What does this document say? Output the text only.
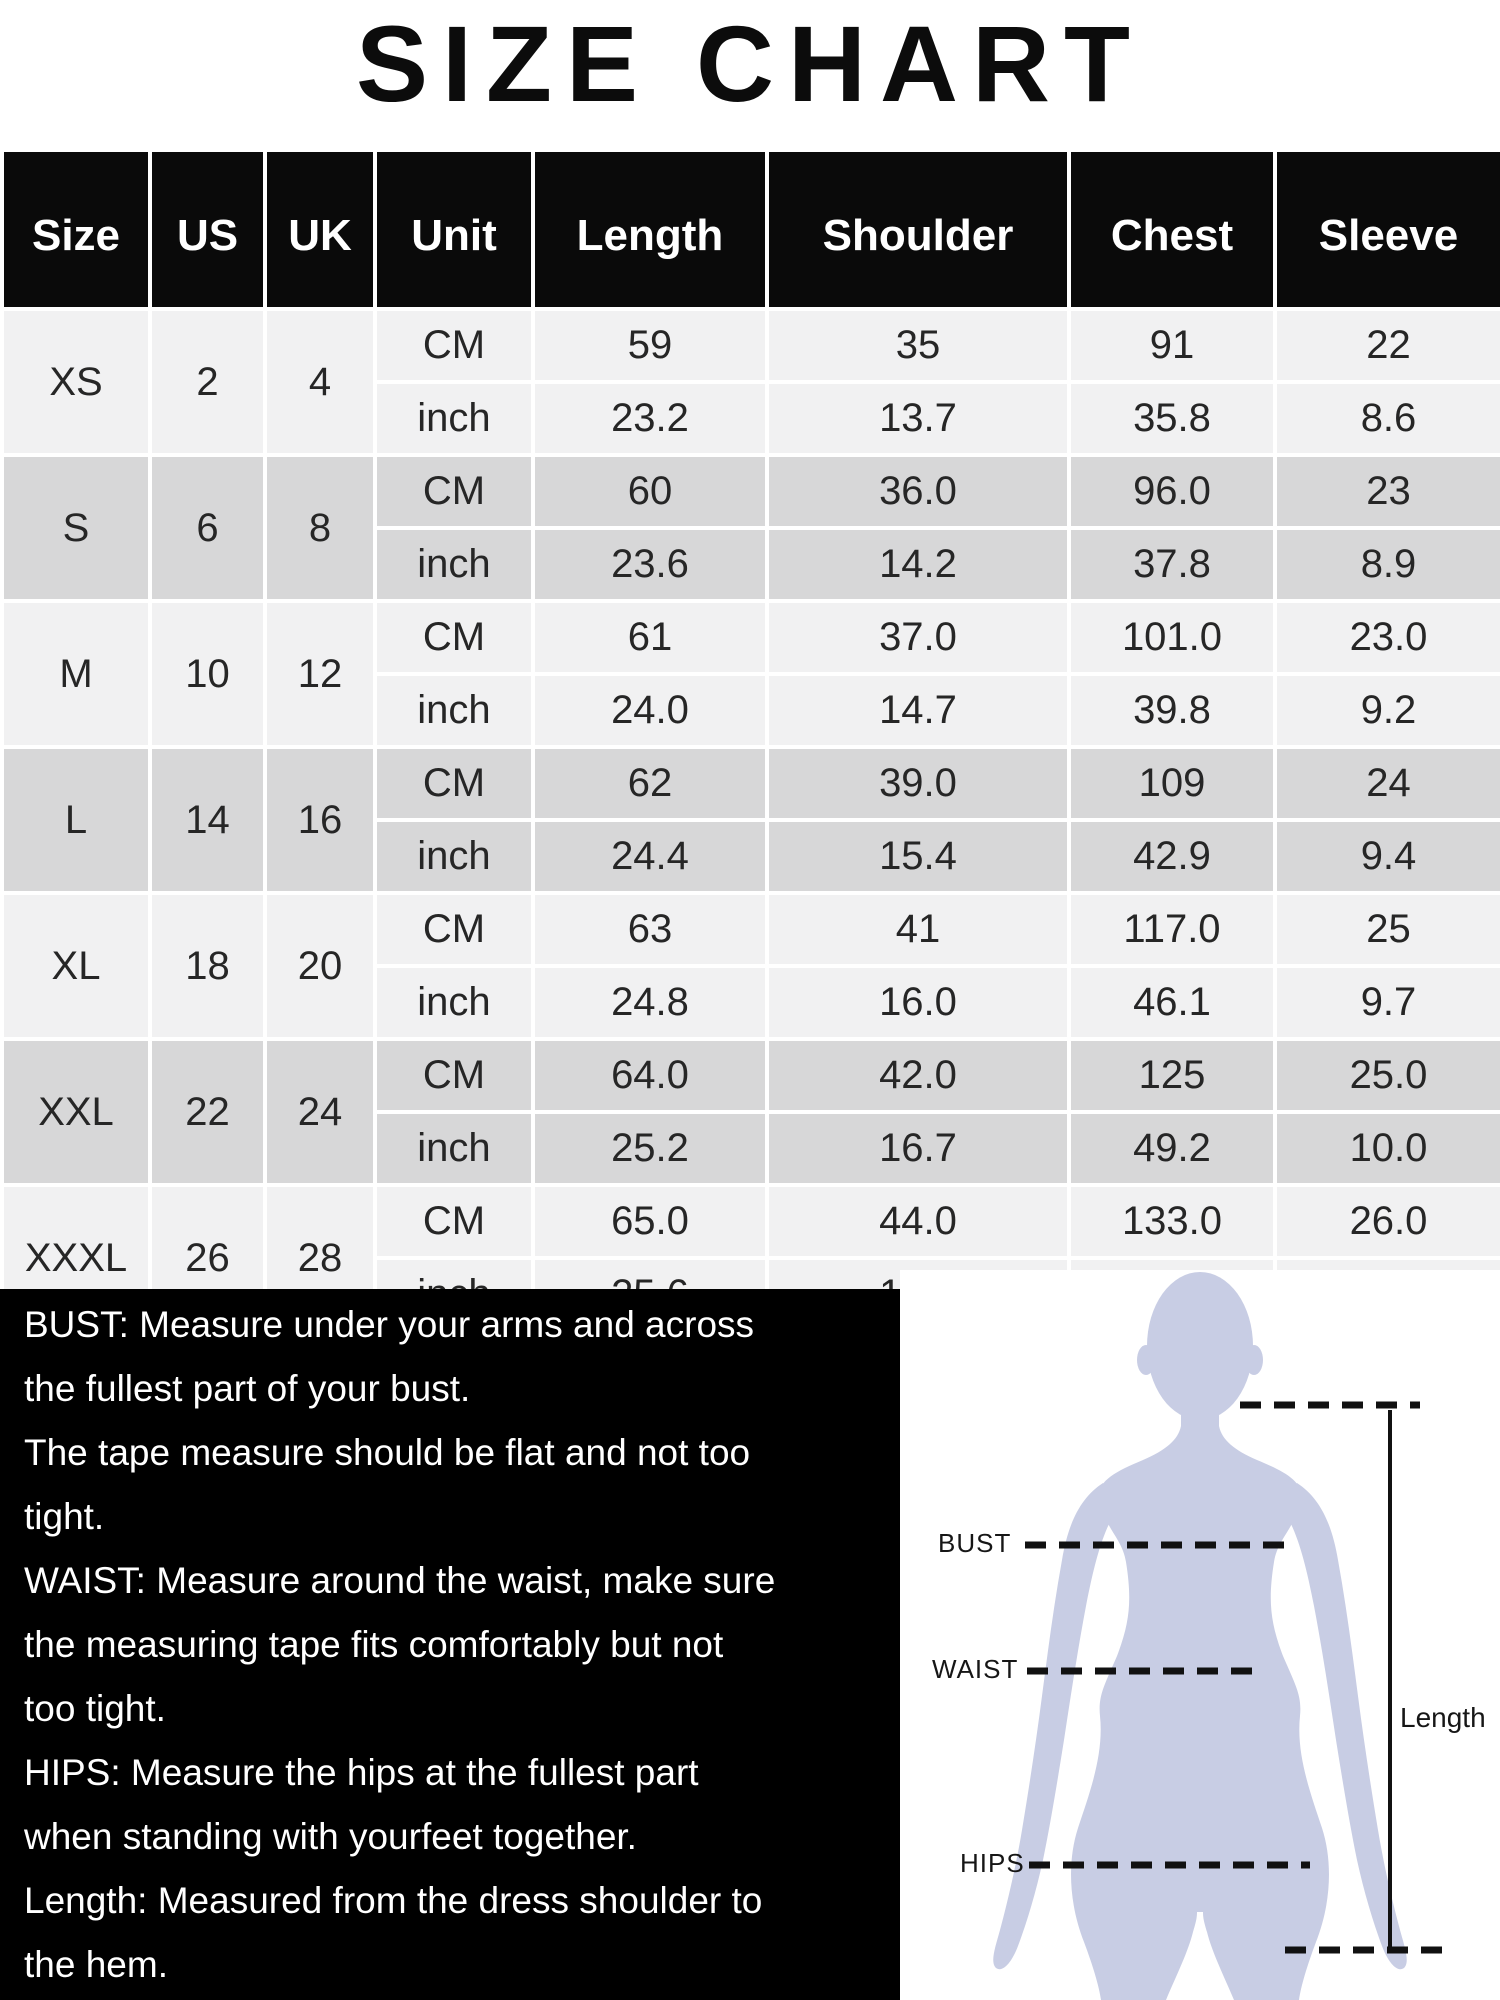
SIZE CHART
Size	US	UK	Unit	Length	Shoulder	Chest	Sleeve
XS	2	4	CM	59	35	91	22
			inch	23.2	13.7	35.8	8.6
S	6	8	CM	60	36.0	96.0	23
			inch	23.6	14.2	37.8	8.9
M	10	12	CM	61	37.0	101.0	23.0
			inch	24.0	14.7	39.8	9.2
L	14	16	CM	62	39.0	109	24
			inch	24.4	15.4	42.9	9.4
XL	18	20	CM	63	41	117.0	25
			inch	24.8	16.0	46.1	9.7
XXL	22	24	CM	64.0	42.0	125	25.0
			inch	25.2	16.7	49.2	10.0
XXXL	26	28	CM	65.0	44.0	133.0	26.0

BUST: Measure under your arms and across
the fullest part of your bust.
The tape measure should be flat and not too
tight.
WAIST: Measure around the waist, make sure
the measuring tape fits comfortably but not
too tight.
HIPS: Measure the hips at the fullest part
when standing with yourfeet together.
Length: Measured from the dress shoulder to
the hem.
BUST
WAIST
HIPS
Length
